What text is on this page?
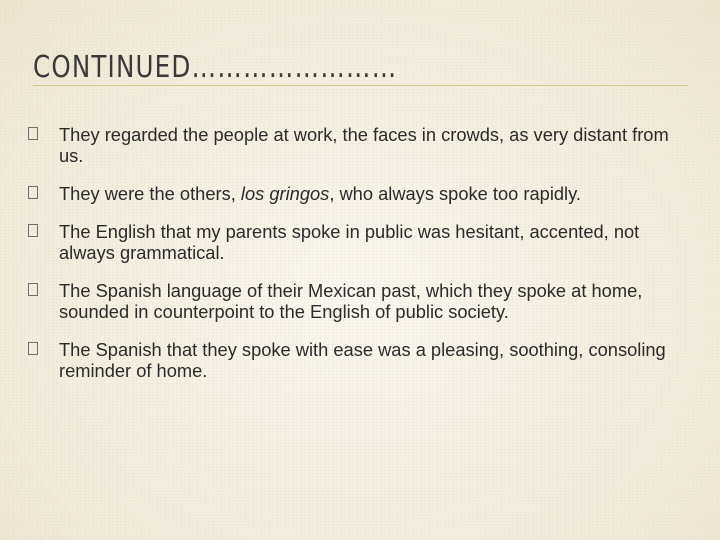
CONTINUED……………………
They regarded the people at work, the faces in crowds, as very distant from us.
They were the others, los gringos, who always spoke too rapidly.
The English that my parents spoke in public was hesitant, accented, not always grammatical.
The Spanish language of their Mexican past, which they spoke at home, sounded in counterpoint to the English of public society.
The Spanish that they spoke with ease was a pleasing, soothing, consoling reminder of home.
